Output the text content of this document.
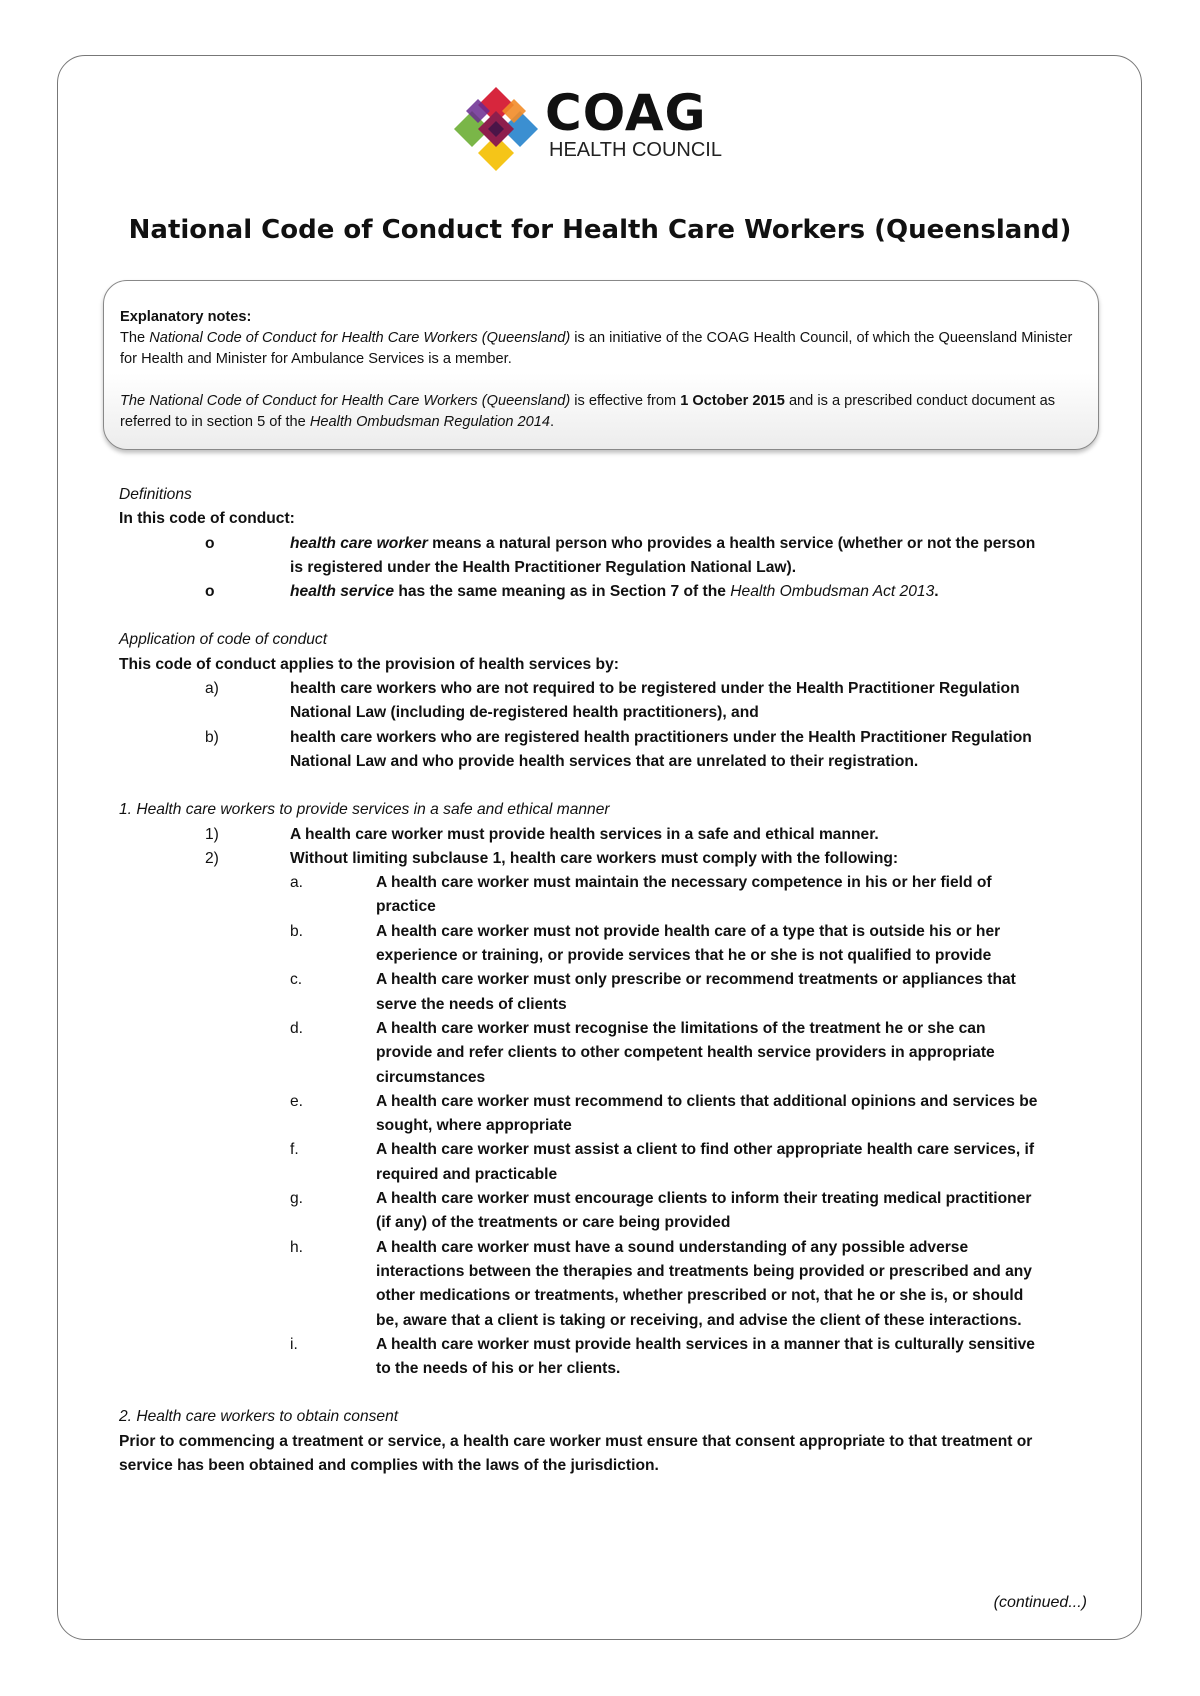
COAG
HEALTH COUNCIL
National Code of Conduct for Health Care Workers (Queensland)

Explanatory notes:

The National Code of Conduct for Health Care Workers (Queensland) is an initiative of the COAG Health Council, of which the Queensland Minister for Health and Minister for Ambulance Services is a member.

The National Code of Conduct for Health Care Workers (Queensland) is effective from 1 October 2015 and is a prescribed conduct document as referred to in section 5 of the Health Ombudsman Regulation 2014.

Definitions
In this code of conduct:
o	health care worker means a natural person who provides a health service (whether or not the person is registered under the Health Practitioner Regulation National Law).
o	health service has the same meaning as in Section 7 of the Health Ombudsman Act 2013.
Application of code of conduct
This code of conduct applies to the provision of health services by:
a)	health care workers who are not required to be registered under the Health Practitioner Regulation National Law (including de-registered health practitioners), and
b)	health care workers who are registered health practitioners under the Health Practitioner Regulation National Law and who provide health services that are unrelated to their registration.
1. Health care workers to provide services in a safe and ethical manner
1)	A health care worker must provide health services in a safe and ethical manner.
2)	Without limiting subclause 1, health care workers must comply with the following:
a.	A health care worker must maintain the necessary competence in his or her field of practice
b.	A health care worker must not provide health care of a type that is outside his or her experience or training, or provide services that he or she is not qualified to provide
c.	A health care worker must only prescribe or recommend treatments or appliances that serve the needs of clients
d.	A health care worker must recognise the limitations of the treatment he or she can provide and refer clients to other competent health service providers in appropriate circumstances
e.	A health care worker must recommend to clients that additional opinions and services be sought, where appropriate
f.	A health care worker must assist a client to find other appropriate health care services, if required and practicable
g.	A health care worker must encourage clients to inform their treating medical practitioner (if any) of the treatments or care being provided
h.	A health care worker must have a sound understanding of any possible adverse interactions between the therapies and treatments being provided or prescribed and any other medications or treatments, whether prescribed or not, that he or she is, or should be, aware that a client is taking or receiving, and advise the client of these interactions.
i.	A health care worker must provide health services in a manner that is culturally sensitive to the needs of his or her clients.
2. Health care workers to obtain consent
Prior to commencing a treatment or service, a health care worker must ensure that consent appropriate to that treatment or service has been obtained and complies with the laws of the jurisdiction.
(continued...)
